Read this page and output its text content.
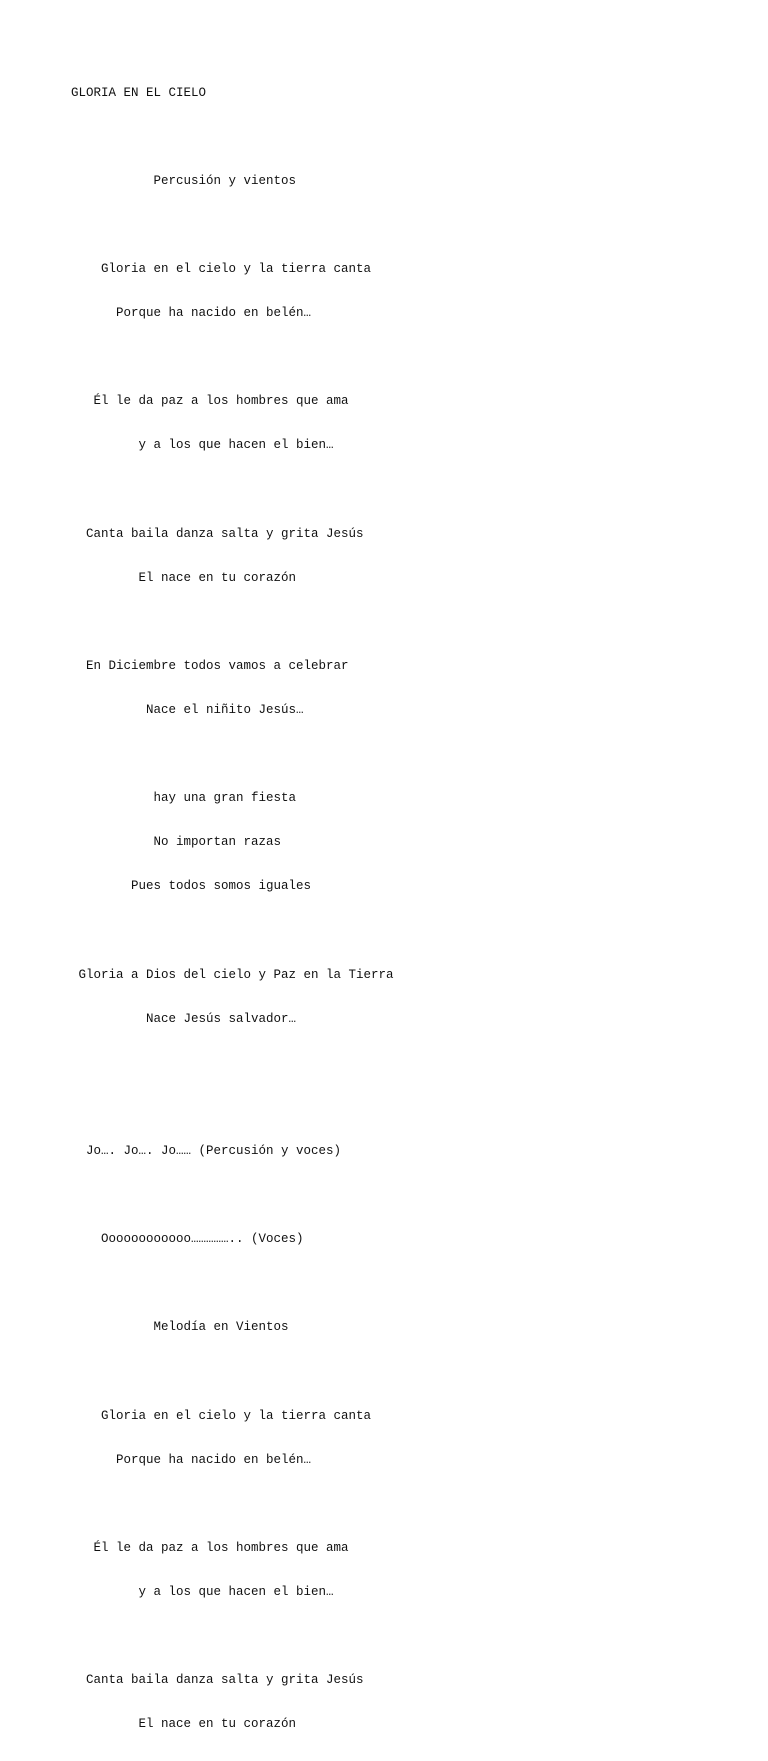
GLORIA EN EL CIELO

Percusión y vientos

Gloria en el cielo y la tierra canta

Porque ha nacido en belén…

Él le da paz a los hombres que ama

y a los que hacen el bien…

Canta baila danza salta y grita Jesús

El nace en tu corazón

En Diciembre todos vamos a celebrar

Nace el niñito Jesús…

hay una gran fiesta

No importan razas

Pues todos somos iguales

Gloria a Dios del cielo y Paz en la Tierra

Nace Jesús salvador…

Jo…. Jo…. Jo…… (Percusión y voces)

Oooooooooooo…………….. (Voces)

Melodía en Vientos

Gloria en el cielo y la tierra canta

Porque ha nacido en belén…

Él le da paz a los hombres que ama

y a los que hacen el bien…

Canta baila danza salta y grita Jesús

El nace en tu corazón
